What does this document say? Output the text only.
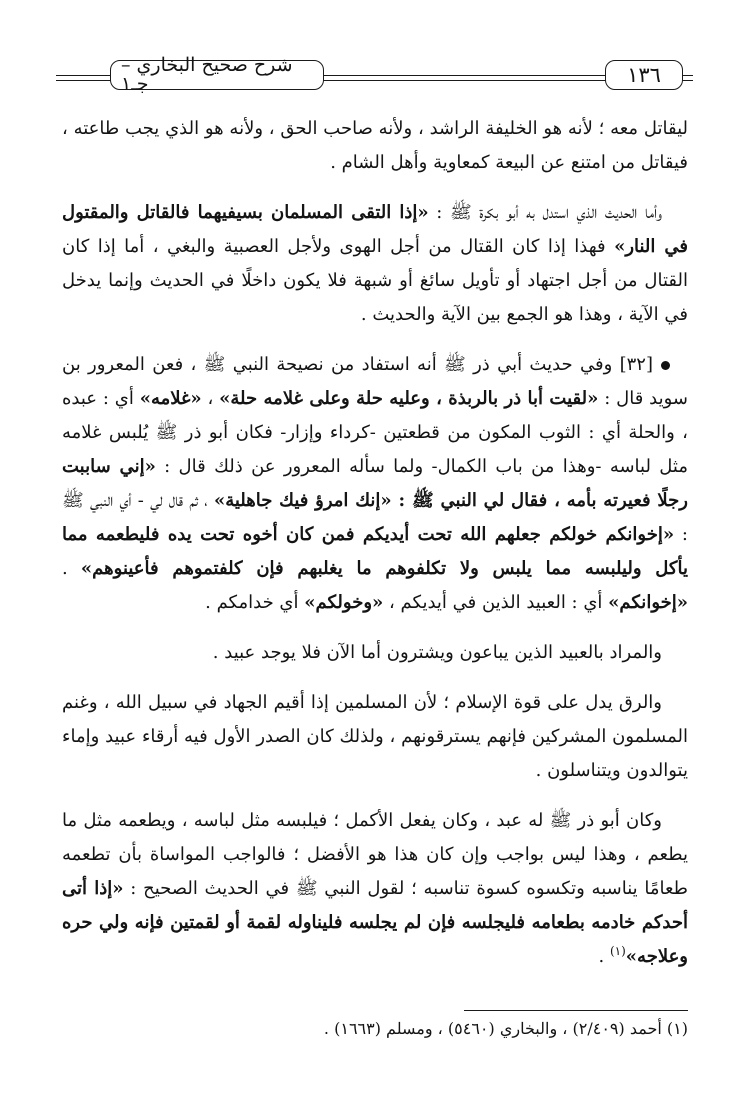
١٣٦
شرح صحيح البخاري – جـ١

ليقاتل معه ؛ لأنه هو الخليفة الراشد ، ولأنه صاحب الحق ، ولأنه هو الذي يجب طاعته ، فيقاتل من امتنع عن البيعة كمعاوية وأهل الشام .

وأما الحديث الذي استدل به أبو بكرة ﷺ : «إذا التقى المسلمان بسيفيهما فالقاتل والمقتول في النار» فهذا إذا كان القتال من أجل الهوى ولأجل العصبية والبغي ، أما إذا كان القتال من أجل اجتهاد أو تأويل سائغ أو شبهة فلا يكون داخلًا في الحديث وإنما يدخل في الآية ، وهذا هو الجمع بين الآية والحديث .

[٣٢] وفي حديث أبي ذر ﷺ أنه استفاد من نصيحة النبي ﷺ ، فعن المعرور بن سويد قال : «لقيت أبا ذر بالربذة ، وعليه حلة وعلى غلامه حلة» ، «غلامه» أي : عبده ، والحلة أي : الثوب المكون من قطعتين -كرداء وإزار- فكان أبو ذر ﷺ يُلبس غلامه مثل لباسه -وهذا من باب الكمال- ولما سأله المعرور عن ذلك قال : «إني ساببت رجلًا فعيرته بأمه ، فقال لي النبي ﷺ : «إنك امرؤ فيك جاهلية» ، ثم قال لي - أي النبي ﷺ : «إخوانكم خولكم جعلهم الله تحت أيديكم فمن كان أخوه تحت يده فليطعمه مما يأكل وليلبسه مما يلبس ولا تكلفوهم ما يغلبهم فإن كلفتموهم فأعينوهم» . «إخوانكم» أي : العبيد الذين في أيديكم ، «وخولكم» أي خدامكم .

والمراد بالعبيد الذين يباعون ويشترون أما الآن فلا يوجد عبيد .

والرق يدل على قوة الإسلام ؛ لأن المسلمين إذا أقيم الجهاد في سبيل الله ، وغنم المسلمون المشركين فإنهم يسترقونهم ، ولذلك كان الصدر الأول فيه أرقاء عبيد وإماء يتوالدون ويتناسلون .

وكان أبو ذر ﷺ له عبد ، وكان يفعل الأكمل ؛ فيلبسه مثل لباسه ، ويطعمه مثل ما يطعم ، وهذا ليس بواجب وإن كان هذا هو الأفضل ؛ فالواجب المواساة بأن تطعمه طعامًا يناسبه وتكسوه كسوة تناسبه ؛ لقول النبي ﷺ في الحديث الصحيح : «إذا أتى أحدكم خادمه بطعامه فليجلسه فإن لم يجلسه فليناوله لقمة أو لقمتين فإنه ولي حره وعلاجه»$^{(١)}$ .

(١) أحمد (٢/٤٠٩) ، والبخاري (٥٤٦٠) ، ومسلم (١٦٦٣) .
